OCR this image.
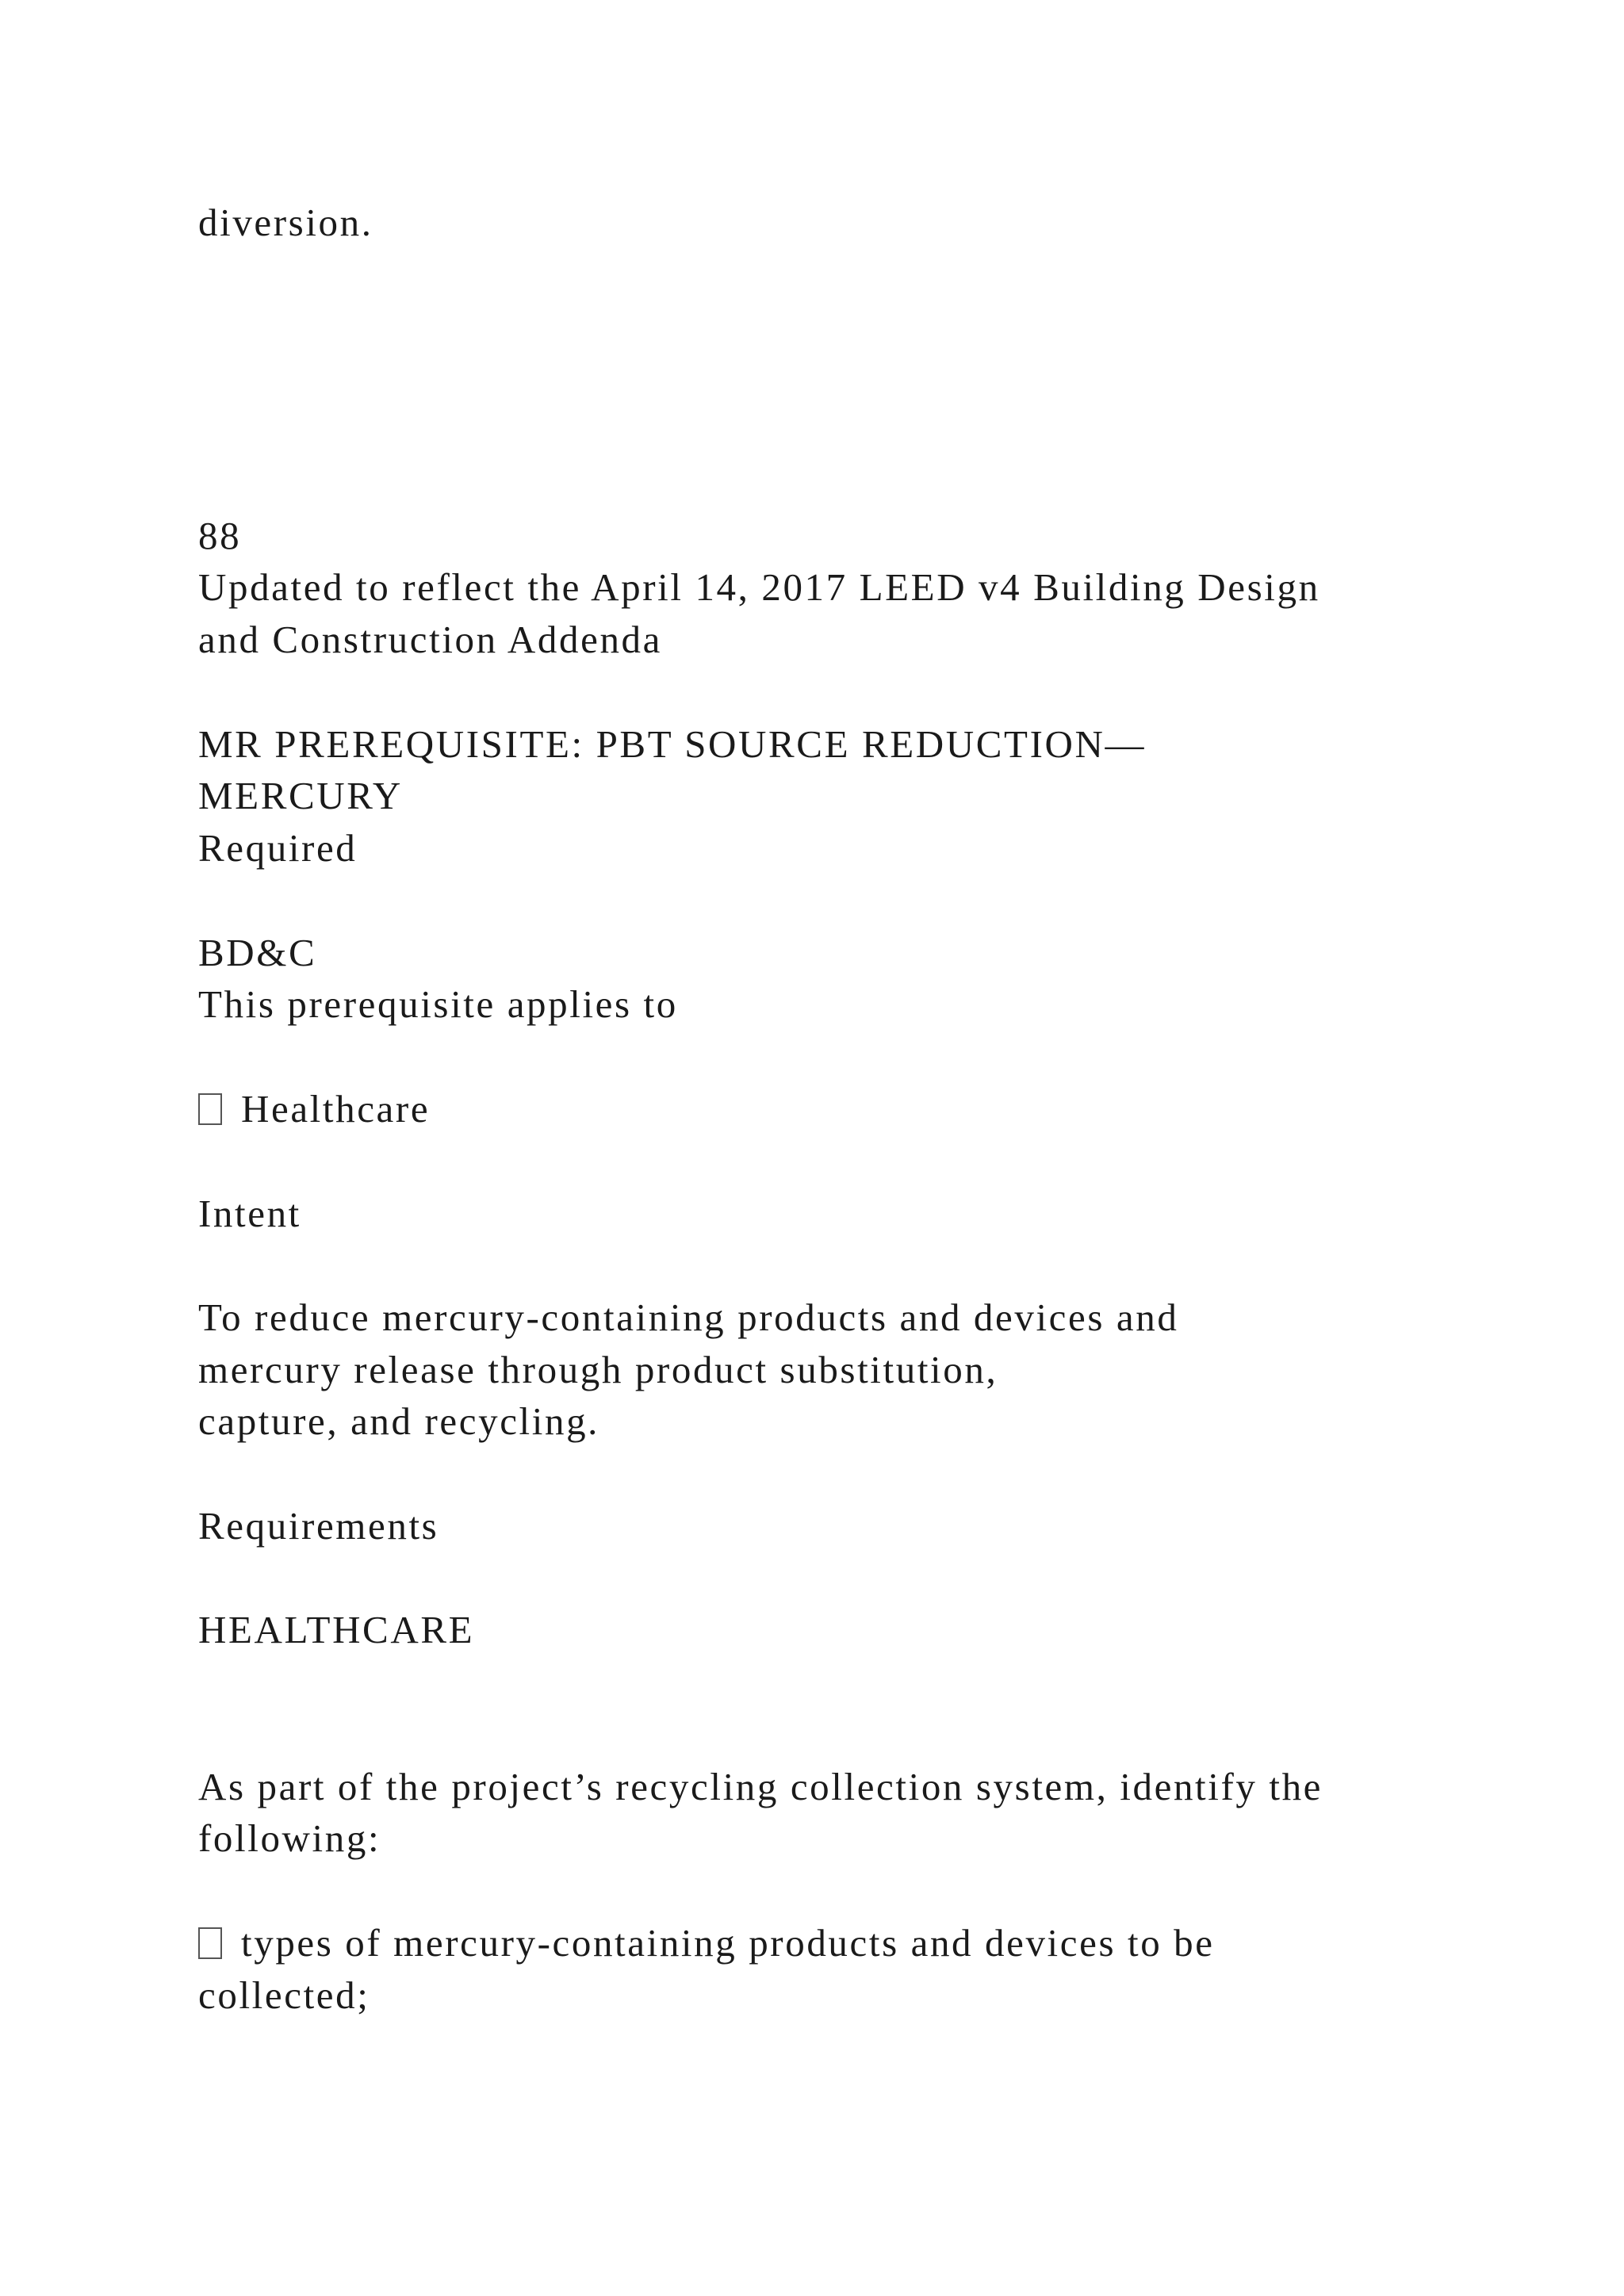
diversion.

88

Updated to reflect the April 14, 2017 LEED v4 Building Design

and Construction Addenda

MR PREREQUISITE: PBT SOURCE REDUCTION—

MERCURY

Required

BD&C

This prerequisite applies to

Healthcare

Intent

To reduce mercury-containing products and devices and

mercury release through product substitution,

capture, and recycling.

Requirements

HEALTHCARE

As part of the project’s recycling collection system, identify the

following:

types of mercury-containing products and devices to be

collected;
